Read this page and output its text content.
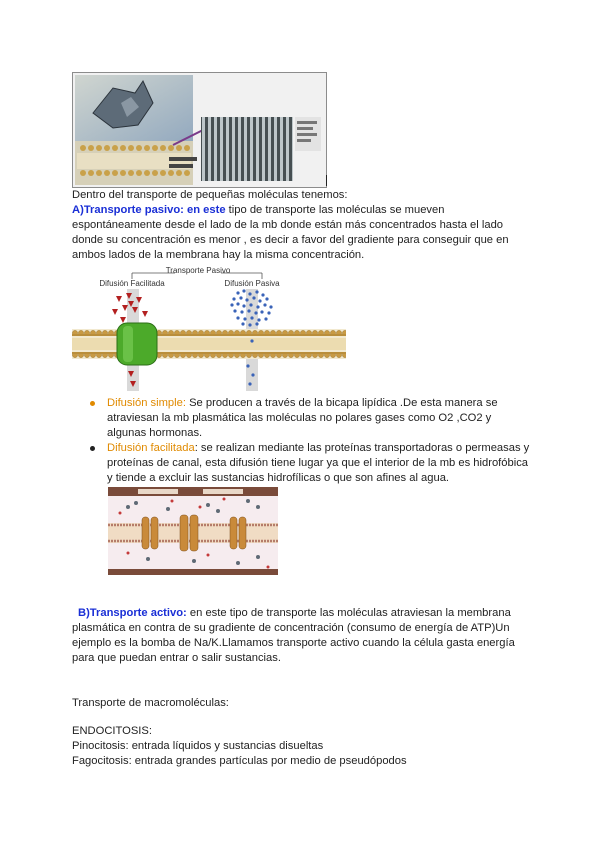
Dentro del transporte de pequeñas moléculas tenemos:
A)Transporte pasivo: en este tipo de transporte las moléculas se mueven
espontáneamente desde el lado de la mb donde están más concentrados hasta el lado
donde su concentración es menor , es decir a favor del gradiente para conseguir que en
ambos lados de la membrana hay la misma concentración.
Transporte Pasivo
Difusión Facilitada	Difusión Pasiva
Difusión simple: Se producen a través de la bicapa lipídica .De esta manera se
atraviesan la mb plasmática las moléculas no polares gases como O2 ,CO2 y
algunas hormonas.
Difusión facilitada: se realizan mediante las proteínas transportadoras o permeasas y
proteínas de canal, esta difusión tiene lugar ya que el interior de la mb es hidrofóbica
y tiende a excluir las sustancias hidrofílicas o que son afines al agua.
B)Transporte activo: en este tipo de transporte las moléculas atraviesan la membrana
plasmática en contra de su gradiente de concentración (consumo de energía de ATP)Un
ejemplo es la bomba de Na/K.Llamamos transporte activo cuando la célula gasta energía
para que puedan entrar o salir sustancias.
Transporte de macromoléculas:
ENDOCITOSIS:
Pinocitosis: entrada líquidos y sustancias disueltas
Fagocitosis: entrada grandes partículas por medio de pseudópodos
